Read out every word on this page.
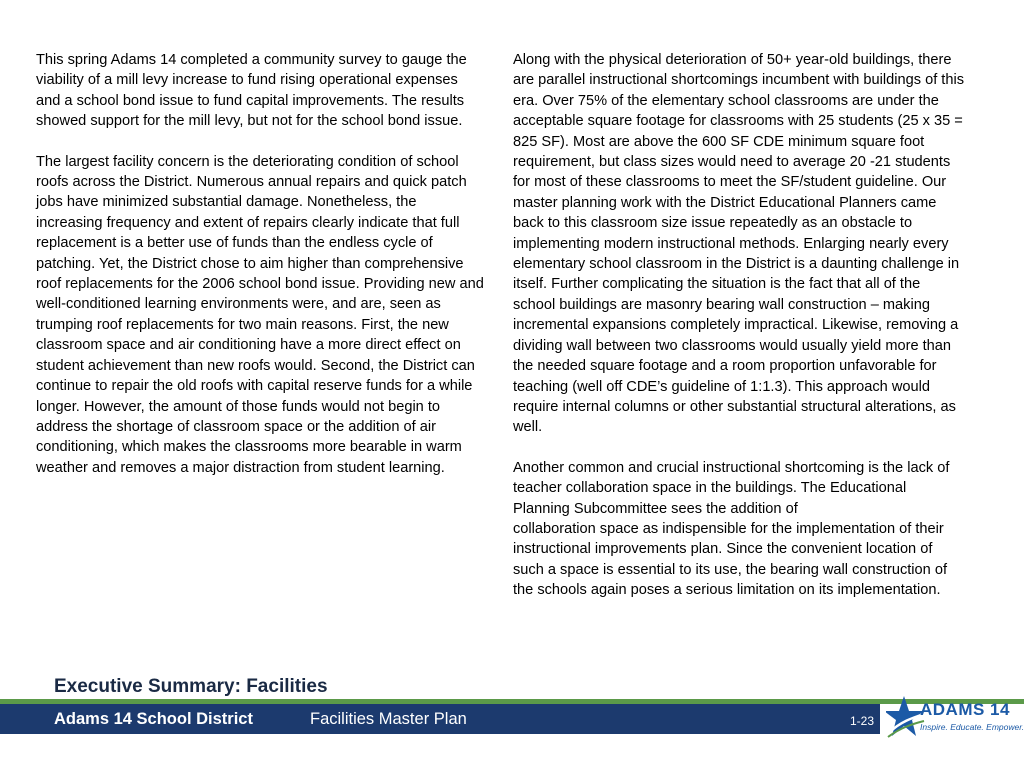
This spring Adams 14 completed a community survey to gauge the viability of a mill levy increase to fund rising operational expenses and a school bond issue to fund capital improvements. The results showed support for the mill levy, but not for the school bond issue.

The largest facility concern is the deteriorating condition of school roofs across the District. Numerous annual repairs and quick patch jobs have minimized substantial damage. Nonetheless, the increasing frequency and extent of repairs clearly indicate that full replacement is a better use of funds than the endless cycle of patching. Yet, the District chose to aim higher than comprehensive roof replacements for the 2006 school bond issue. Providing new and well-conditioned learning environments were, and are, seen as trumping roof replacements for two main reasons. First, the new classroom space and air conditioning have a more direct effect on student achievement than new roofs would. Second, the District can continue to repair the old roofs with capital reserve funds for a while longer. However, the amount of those funds would not begin to address the shortage of classroom space or the addition of air conditioning, which makes the classrooms more bearable in warm weather and removes a major distraction from student learning.

Along with the physical deterioration of 50+ year-old buildings, there are parallel instructional shortcomings incumbent with buildings of this era. Over 75% of the elementary school classrooms are under the acceptable square footage for classrooms with 25 students (25 x 35 = 825 SF). Most are above the 600 SF CDE minimum square foot requirement, but class sizes would need to average 20 -21 students for most of these classrooms to meet the SF/student guideline. Our master planning work with the District Educational Planners came back to this classroom size issue repeatedly as an obstacle to implementing modern instructional methods. Enlarging nearly every elementary school classroom in the District is a daunting challenge in itself. Further complicating the situation is the fact that all of the school buildings are masonry bearing wall construction – making incremental expansions completely impractical. Likewise, removing a dividing wall between two classrooms would usually yield more than the needed square footage and a room proportion unfavorable for teaching (well off CDE’s guideline of 1:1.3). This approach would require internal columns or other substantial structural alterations, as well.

Another common and crucial instructional shortcoming is the lack of teacher collaboration space in the buildings. The Educational Planning Subcommittee sees the addition of

collaboration space as indispensible for the implementation of their instructional improvements plan. Since the convenient location of such a space is essential to its use, the bearing wall construction of the schools again poses a serious limitation on its implementation.

Executive Summary: Facilities
Adams 14 School District	Facilities Master Plan	1-23
ADAMS 14
Inspire. Educate. Empower.
